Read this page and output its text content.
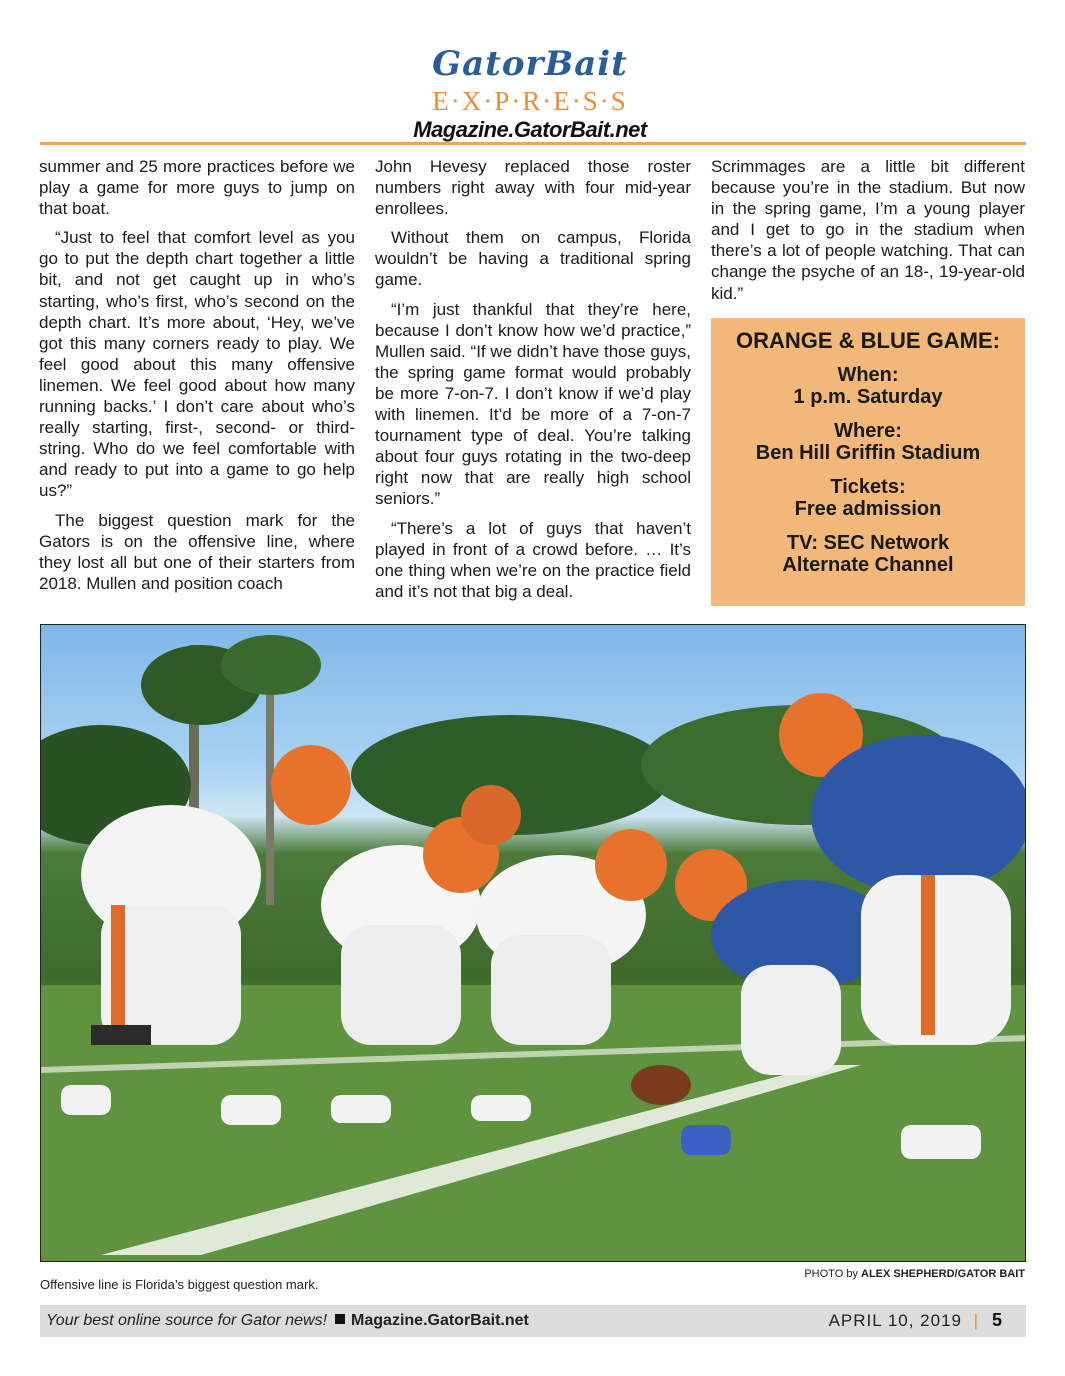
GatorBait
E·X·P·R·E·S·S
Magazine.GatorBait.net

summer and 25 more practices before we play a game for more guys to jump on that boat.

“Just to feel that comfort level as you go to put the depth chart together a little bit, and not get caught up in who’s starting, who’s first, who’s second on the depth chart. It’s more about, ‘Hey, we’ve got this many corners ready to play. We feel good about this many offensive linemen. We feel good about how many running backs.’ I don’t care about who’s really starting, first-, second- or third-string. Who do we feel comfortable with and ready to put into a game to go help us?”

The biggest question mark for the Gators is on the offensive line, where they lost all but one of their starters from 2018. Mullen and position coach

John Hevesy replaced those roster numbers right away with four mid-year enrollees.

Without them on campus, Florida wouldn’t be having a traditional spring game.

“I’m just thankful that they’re here, because I don’t know how we’d practice,” Mullen said. “If we didn’t have those guys, the spring game format would probably be more 7-on-7. I don’t know if we’d play with linemen. It’d be more of a 7-on-7 tournament type of deal. You’re talking about four guys rotating in the two-deep right now that are really high school seniors.”

“There’s a lot of guys that haven’t played in front of a crowd before. … It’s one thing when we’re on the practice field and it’s not that big a deal.

Scrimmages are a little bit different because you’re in the stadium. But now in the spring game, I’m a young player and I get to go in the stadium when there’s a lot of people watching. That can change the psyche of an 18-, 19-year-old kid.”

ORANGE & BLUE GAME:
When:
1 p.m. Saturday
Where:
Ben Hill Griffin Stadium
Tickets:
Free admission
TV: SEC Network
Alternate Channel
Offensive line is Florida’s biggest question mark.
PHOTO by ALEX SHEPHERD/GATOR BAIT
Your best online source for Gator news! Magazine.GatorBait.net	APRIL 10, 2019 | 5
